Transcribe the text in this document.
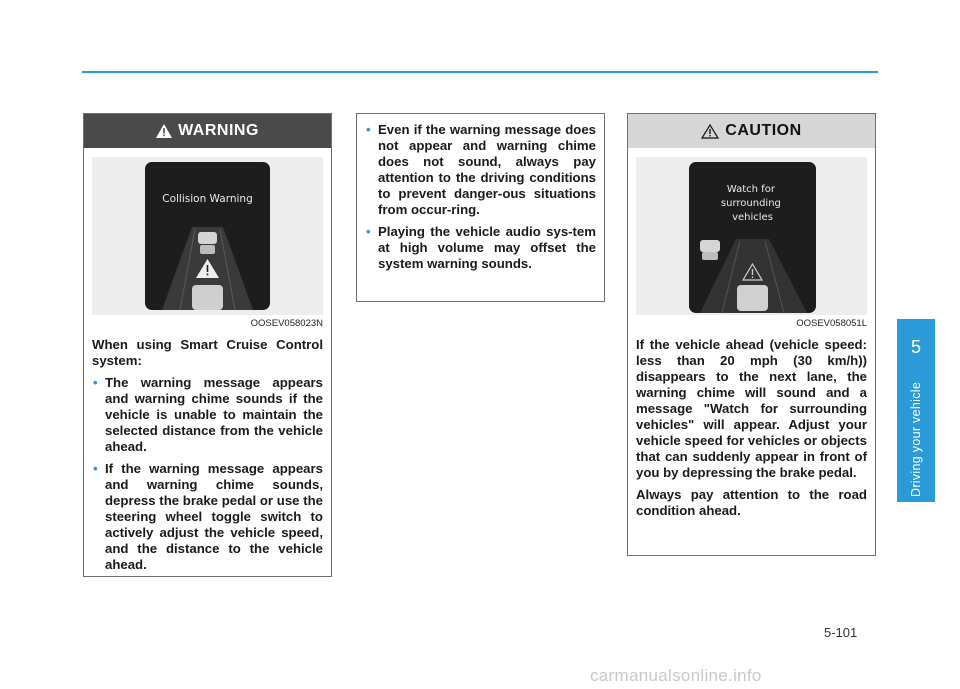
WARNING
Collision Warning
OOSEV058023N

When using Smart Cruise Control system:

• The warning message appears and warning chime sounds if the vehicle is unable to maintain the selected distance from the vehicle ahead.
• If the warning message appears and warning chime sounds, depress the brake pedal or use the steering wheel toggle switch to actively adjust the vehicle speed, and the distance to the vehicle ahead.
• Even if the warning message does not appear and warning chime does not sound, always pay attention to the driving conditions to prevent danger-ous situations from occur-ring.
• Playing the vehicle audio sys-tem at high volume may offset the system warning sounds.
CAUTION
Watch for surrounding vehicles
OOSEV058051L

If the vehicle ahead (vehicle speed: less than 20 mph (30 km/h)) disappears to the next lane, the warning chime will sound and a message "Watch for surrounding vehicles" will appear. Adjust your vehicle speed for vehicles or objects that can suddenly appear in front of you by depressing the brake pedal.

Always pay attention to the road condition ahead.

5
Driving your vehicle
5-101
carmanualsonline.info
